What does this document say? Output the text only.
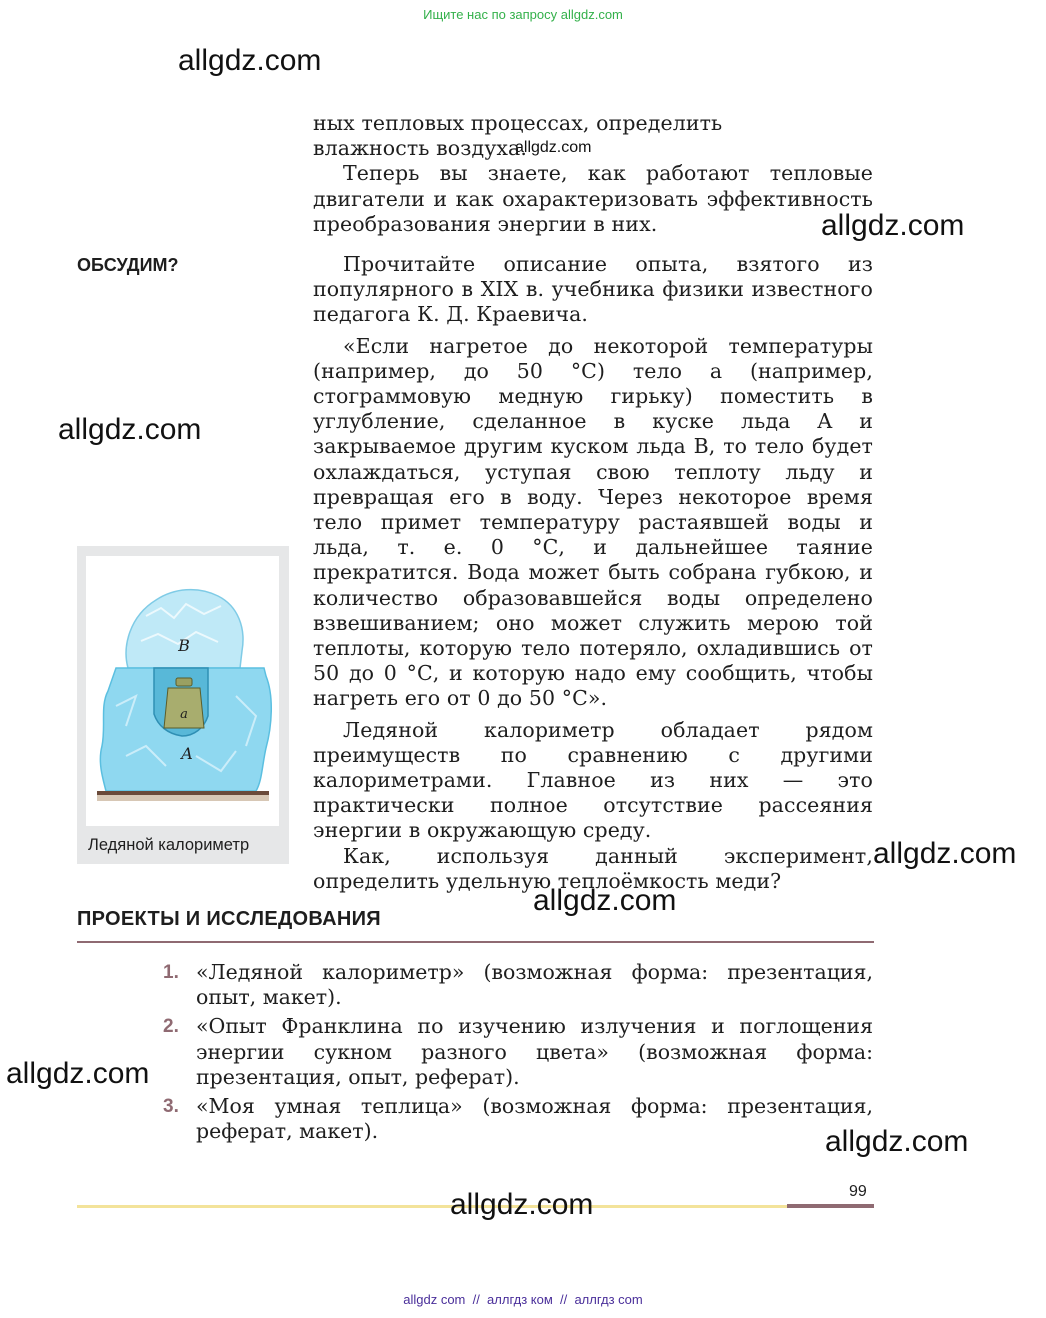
Ищите нас по запросу allgdz.com
allgdz.com
allgdz.com
allgdz.com
allgdz.com
allgdz.com
allgdz.com
allgdz.com
allgdz.com

ных тепловых процессах, определить влажность воздуха.

Теперь вы знаете, как работают тепловые двигатели и как охарактеризовать эффективность преобразования энергии в них.

ОБСУДИМ?	Прочитайте описание опыта, взятого из популярного в XIX в. учебника физики известного педагога К. Д. Краевича.

«Если нагретое до некоторой температуры (например, до 50 °С) тело a (например, стограммовую медную гирьку) поместить в углубление, сделанное в куске льда A и закрываемое другим куском льда B, то тело будет охлаждаться, уступая свою теплоту льду и превращая его в воду. Через некоторое время тело примет температуру растаявшей воды и льда, т. е. 0 °С, и дальнейшее таяние прекратится. Вода может быть собрана губкою, и количество образовавшейся воды определено взвешиванием; оно может служить мерою той теплоты, которую тело потеряло, охладившись от 50 до 0 °С, и которую надо ему сообщить, чтобы нагреть его от 0 до 50 °С».

Ледяной калориметр обладает рядом преимуществ по сравнению с другими калориметрами. Главное из них — это практически полное отсутствие рассеяния энергии в окружающую среду.

Как, используя данный эксперимент, определить удельную теплоёмкость меди?

a
B
A
Ледяной калориметр
ПРОЕКТЫ И ИССЛЕДОВАНИЯ
1. «Ледяной калориметр» (возможная форма: презентация, опыт, макет).
2. «Опыт Франклина по изучению излучения и поглощения энергии сукном разного цвета» (возможная форма: презентация, опыт, реферат).
3. «Моя умная теплица» (возможная форма: презентация, реферат, макет).
99
allgdz.com
allgdz com  //  аллгдз ком  //  аллгдз com
